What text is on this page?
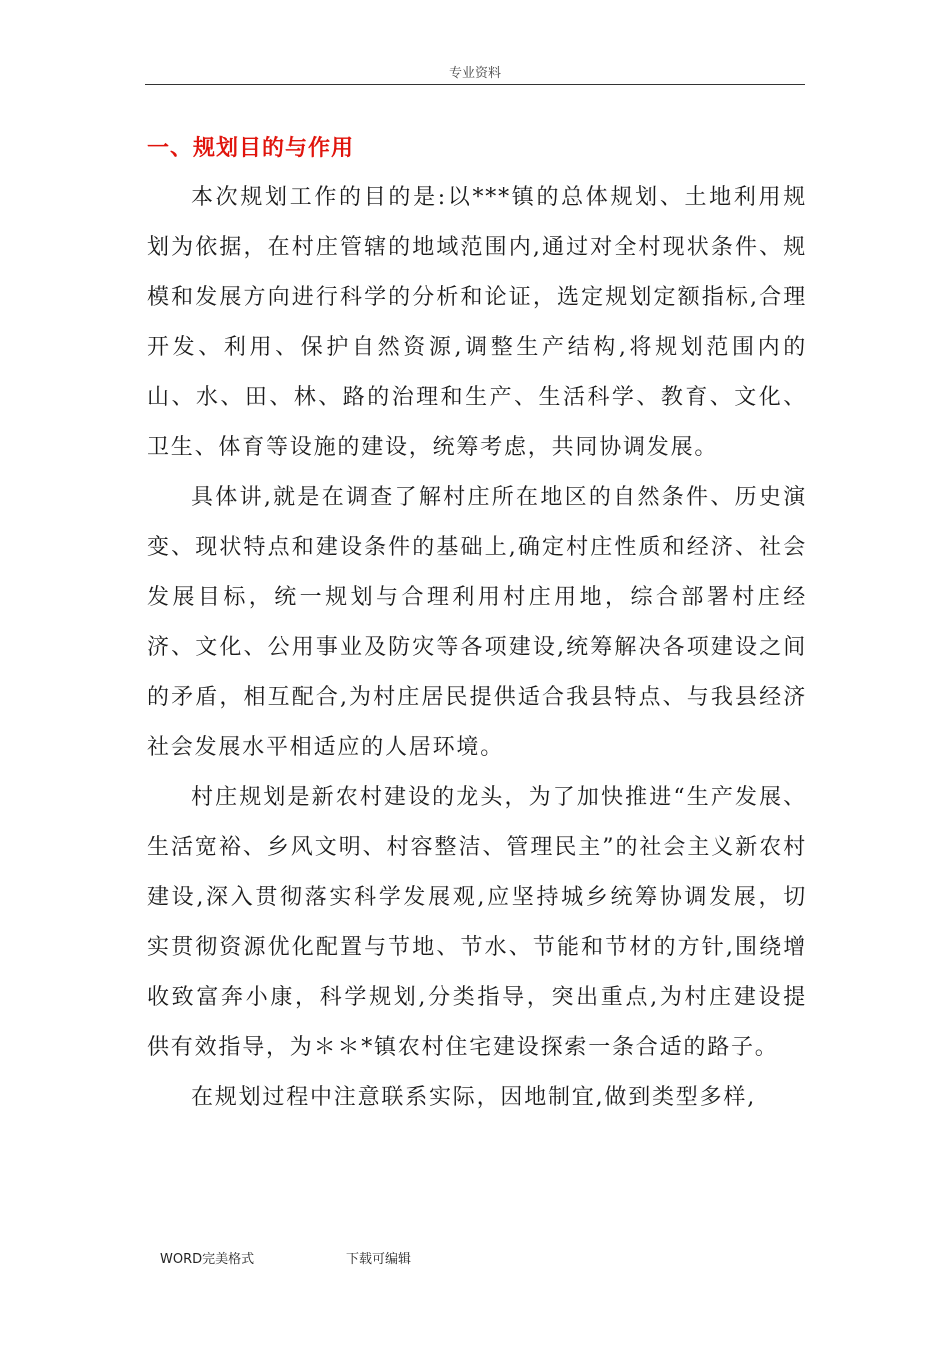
专业资料
一、规划目的与作用

本次规划工作的目的是:以***镇的总体规划、土地利用规划为依据，在村庄管辖的地域范围内,通过对全村现状条件、规模和发展方向进行科学的分析和论证，选定规划定额指标,合理开发、利用、保护自然资源,调整生产结构,将规划范围内的山、水、田、林、路的治理和生产、生活科学、教育、文化、卫生、体育等设施的建设，统筹考虑，共同协调发展。

具体讲,就是在调查了解村庄所在地区的自然条件、历史演变、现状特点和建设条件的基础上,确定村庄性质和经济、社会发展目标，统一规划与合理利用村庄用地，综合部署村庄经济、文化、公用事业及防灾等各项建设,统筹解决各项建设之间的矛盾，相互配合,为村庄居民提供适合我县特点、与我县经济社会发展水平相适应的人居环境。

村庄规划是新农村建设的龙头，为了加快推进“生产发展、生活宽裕、乡风文明、村容整洁、管理民主”的社会主义新农村建设,深入贯彻落实科学发展观,应坚持城乡统筹协调发展，切实贯彻资源优化配置与节地、节水、节能和节材的方针,围绕增收致富奔小康，科学规划,分类指导，突出重点,为村庄建设提供有效指导，为＊＊*镇农村住宅建设探索一条合适的路子。

在规划过程中注意联系实际，因地制宜,做到类型多样,

WORD完美格式	下载可编辑
